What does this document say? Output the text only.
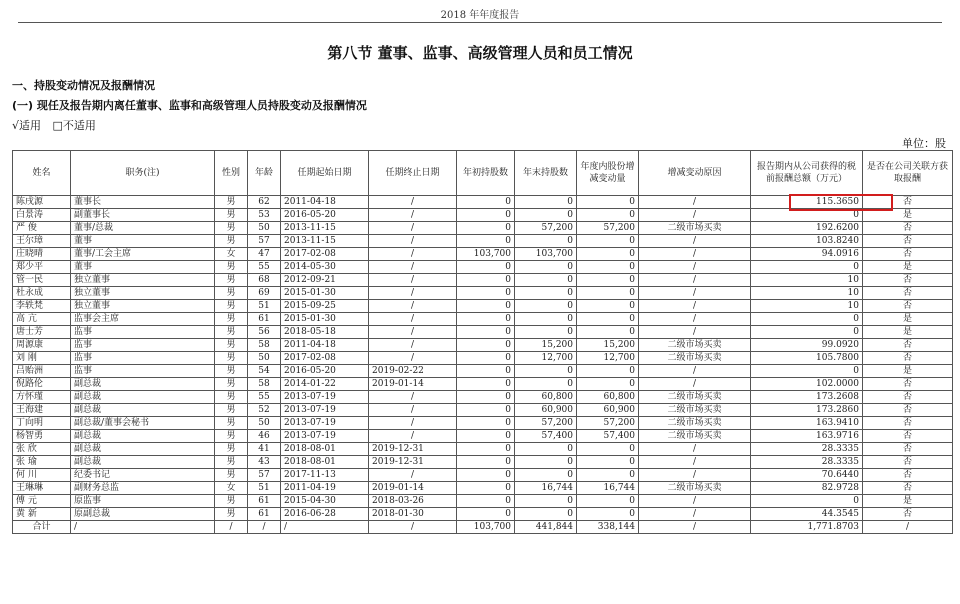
2018 年年度报告
第八节 董事、监事、高级管理人员和员工情况
一、持股变动情况及报酬情况
(一) 现任及报告期内离任董事、监事和高级管理人员持股变动及报酬情况
√适用 □不适用
单位：股
姓名	职务(注)	性别	年龄	任期起始日期	任期终止日期	年初持股数	年末持股数	年度内股份增减变动量	增减变动原因	报告期内从公司获得的税前报酬总额（万元）	是否在公司关联方获取报酬
陈戌源	董事长	男	62	2011-04-18	/	0	0	0	/	115.3650	否
白景涛	副董事长	男	53	2016-05-20	/	0	0	0	/	0	是
严 俊	董事/总裁	男	50	2013-11-15	/	0	57,200	57,200	二级市场买卖	192.6200	否
王尔璋	董事	男	57	2013-11-15	/	0	0	0	/	103.8240	否
庄晓晴	董事/工会主席	女	47	2017-02-08	/	103,700	103,700	0	/	94.0916	否
郑少平	董事	男	55	2014-05-30	/	0	0	0	/	0	是
管一民	独立董事	男	68	2012-09-21	/	0	0	0	/	10	否
杜永成	独立董事	男	69	2015-01-30	/	0	0	0	/	10	否
李轶梵	独立董事	男	51	2015-09-25	/	0	0	0	/	10	否
高 亢	监事会主席	男	61	2015-01-30	/	0	0	0	/	0	是
唐士芳	监事	男	56	2018-05-18	/	0	0	0	/	0	是
周源康	监事	男	58	2011-04-18	/	0	15,200	15,200	二级市场买卖	99.0920	否
刘 刚	监事	男	50	2017-02-08	/	0	12,700	12,700	二级市场买卖	105.7800	否
吕贻洲	监事	男	54	2016-05-20	2019-02-22	0	0	0	/	0	是
倪路伦	副总裁	男	58	2014-01-22	2019-01-14	0	0	0	/	102.0000	否
方怀瑾	副总裁	男	55	2013-07-19	/	0	60,800	60,800	二级市场买卖	173.2608	否
王海建	副总裁	男	52	2013-07-19	/	0	60,900	60,900	二级市场买卖	173.2860	否
丁向明	副总裁/董事会秘书	男	50	2013-07-19	/	0	57,200	57,200	二级市场买卖	163.9410	否
杨智勇	副总裁	男	46	2013-07-19	/	0	57,400	57,400	二级市场买卖	163.9716	否
张 欣	副总裁	男	41	2018-08-01	2019-12-31	0	0	0	/	28.3335	否
张 瑜	副总裁	男	43	2018-08-01	2019-12-31	0	0	0	/	28.3335	否
何 川	纪委书记	男	57	2017-11-13	/	0	0	0	/	70.6440	否
王琳琳	副财务总监	女	51	2011-04-19	2019-01-14	0	16,744	16,744	二级市场买卖	82.9728	否
傅 元	原监事	男	61	2015-04-30	2018-03-26	0	0	0	/	0	是
黄 新	原副总裁	男	61	2016-06-28	2018-01-30	0	0	0	/	44.3545	否
合计	/	/	/	/	/	103,700	441,844	338,144	/	1,771.8703	/
